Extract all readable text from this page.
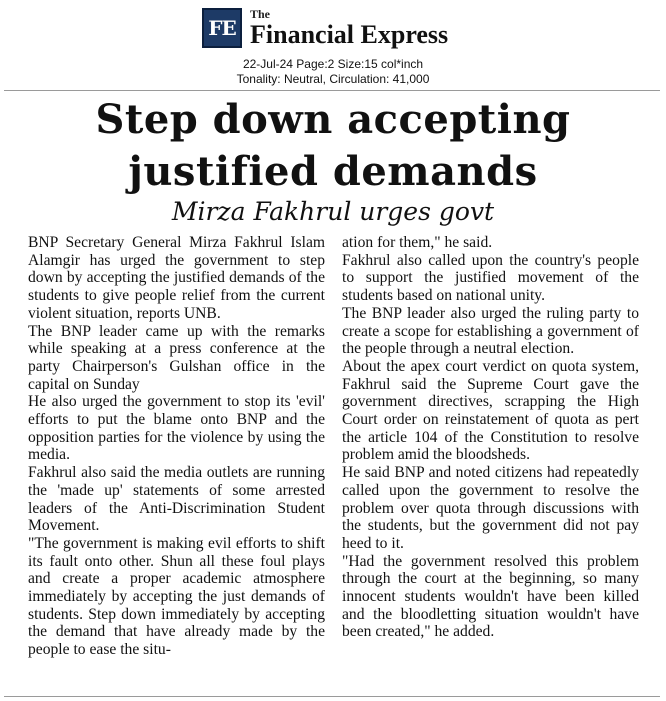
FE
The
Financial Express
22-Jul-24 Page:2 Size:15 col*inch
Tonality: Neutral, Circulation: 41,000
Step down accepting
justified demands
Mirza Fakhrul urges govt

BNP Secretary General Mirza Fakhrul Islam Alamgir has urged the government to step down by accepting the justified demands of the students to give people relief from the current violent situation, reports UNB.

The BNP leader came up with the remarks while speaking at a press conference at the party Chairperson's Gulshan office in the capital on Sunday

He also urged the government to stop its 'evil' efforts to put the blame onto BNP and the opposition parties for the violence by using the media.

Fakhrul also said the media outlets are running the 'made up' statements of some arrested leaders of the Anti-Discrimination Student Movement.

"The government is making evil efforts to shift its fault onto other. Shun all these foul plays and create a proper academic atmosphere immediately by accepting the just demands of students. Step down immediately by accepting the demand that have already made by the people to ease the situ-

ation for them," he said.

Fakhrul also called upon the country's people to support the justified movement of the students based on national unity.

The BNP leader also urged the ruling party to create a scope for establishing a government of the people through a neutral election.

About the apex court verdict on quota system, Fakhrul said the Supreme Court gave the government directives, scrapping the High Court order on reinstatement of quota as pert the article 104 of the Constitution to resolve problem amid the bloodsheds.

He said BNP and noted citizens had repeatedly called upon the government to resolve the problem over quota through discussions with the students, but the government did not pay heed to it.

"Had the government resolved this problem through the court at the beginning, so many innocent students wouldn't have been killed and the bloodletting situation wouldn't have been created," he added.
